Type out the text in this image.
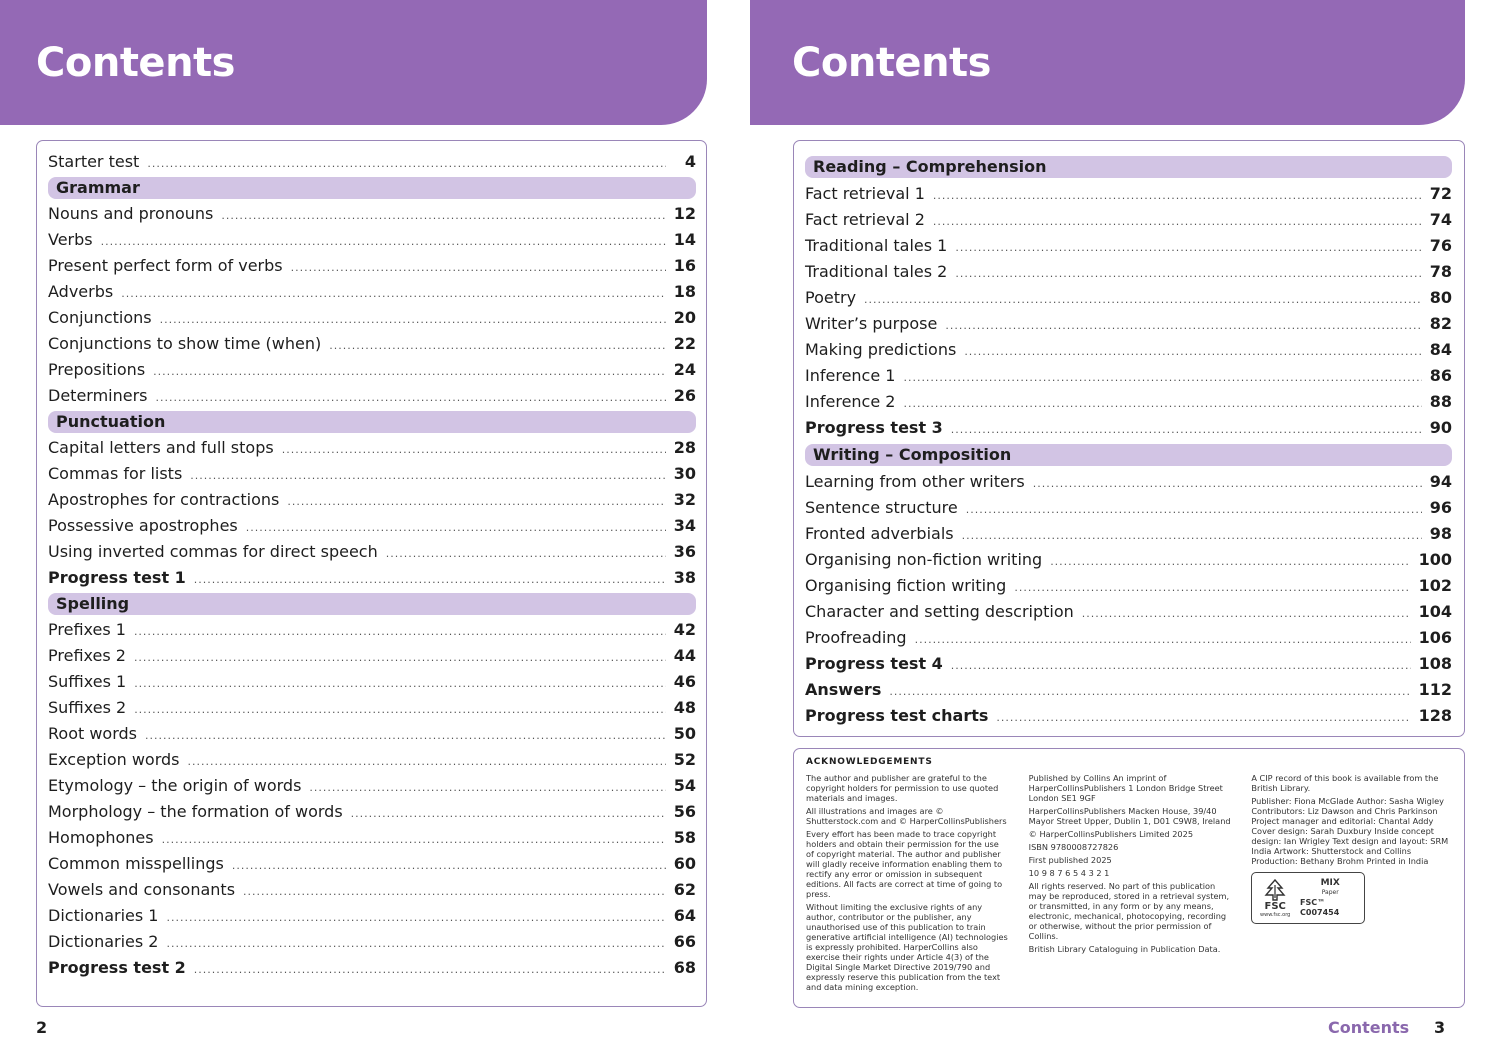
Contents
Starter test .....	4
Grammar
Nouns and pronouns .....	12
Verbs .....	14
Present perfect form of verbs .....	16
Adverbs .....	18
Conjunctions .....	20
Conjunctions to show time (when) .....	22
Prepositions .....	24
Determiners .....	26
Punctuation
Capital letters and full stops .....	28
Commas for lists .....	30
Apostrophes for contractions .....	32
Possessive apostrophes .....	34
Using inverted commas for direct speech .....	36
Progress test 1 .....	38
Spelling
Prefixes 1 .....	42
Prefixes 2 .....	44
Suffixes 1 .....	46
Suffixes 2 .....	48
Root words .....	50
Exception words .....	52
Etymology – the origin of words .....	54
Morphology – the formation of words .....	56
Homophones .....	58
Common misspellings .....	60
Vowels and consonants .....	62
Dictionaries 1 .....	64
Dictionaries 2 .....	66
Progress test 2 .....	68
2
Contents
Reading – Comprehension
Fact retrieval 1 .....	72
Fact retrieval 2 .....	74
Traditional tales 1 .....	76
Traditional tales 2 .....	78
Poetry .....	80
Writer’s purpose .....	82
Making predictions .....	84
Inference 1 .....	86
Inference 2 .....	88
Progress test 3 .....	90
Writing – Composition
Learning from other writers .....	94
Sentence structure .....	96
Fronted adverbials .....	98
Organising non-fiction writing .....	100
Organising fiction writing .....	102
Character and setting description .....	104
Proofreading .....	106
Progress test 4 .....	108
Answers .....	112
Progress test charts .....	128
ACKNOWLEDGEMENTS

The author and publisher are grateful to the copyright holders for permission to use quoted materials and images.

All illustrations and images are © Shutterstock.com and © HarperCollinsPublishers

Every effort has been made to trace copyright holders and obtain their permission for the use of copyright material. The author and publisher will gladly receive information enabling them to rectify any error or omission in subsequent editions. All facts are correct at time of going to press.

Without limiting the exclusive rights of any author, contributor or the publisher, any unauthorised use of this publication to train generative artificial intelligence (AI) technologies is expressly prohibited. HarperCollins also exercise their rights under Article 4(3) of the Digital Single Market Directive 2019/790 and expressly reserve this publication from the text and data mining exception.

Published by Collins An imprint of HarperCollinsPublishers 1 London Bridge Street London SE1 9GF

HarperCollinsPublishers Macken House, 39/40 Mayor Street Upper, Dublin 1, D01 C9W8, Ireland

© HarperCollinsPublishers Limited 2025

ISBN 9780008727826

First published 2025

10 9 8 7 6 5 4 3 2 1

All rights reserved. No part of this publication may be reproduced, stored in a retrieval system, or transmitted, in any form or by any means, electronic, mechanical, photocopying, recording or otherwise, without the prior permission of Collins.

British Library Cataloguing in Publication Data.

A CIP record of this book is available from the British Library.

Publisher: Fiona McGlade Author: Sasha Wigley Contributors: Liz Dawson and Chris Parkinson Project manager and editorial: Chantal Addy Cover design: Sarah Duxbury Inside concept design: Ian Wrigley Text design and layout: SRM India Artwork: Shutterstock and Collins Production: Bethany Brohm Printed in India

FSC
www.fsc.org
MIX
Paper
FSC™ C007454
Contents 3
